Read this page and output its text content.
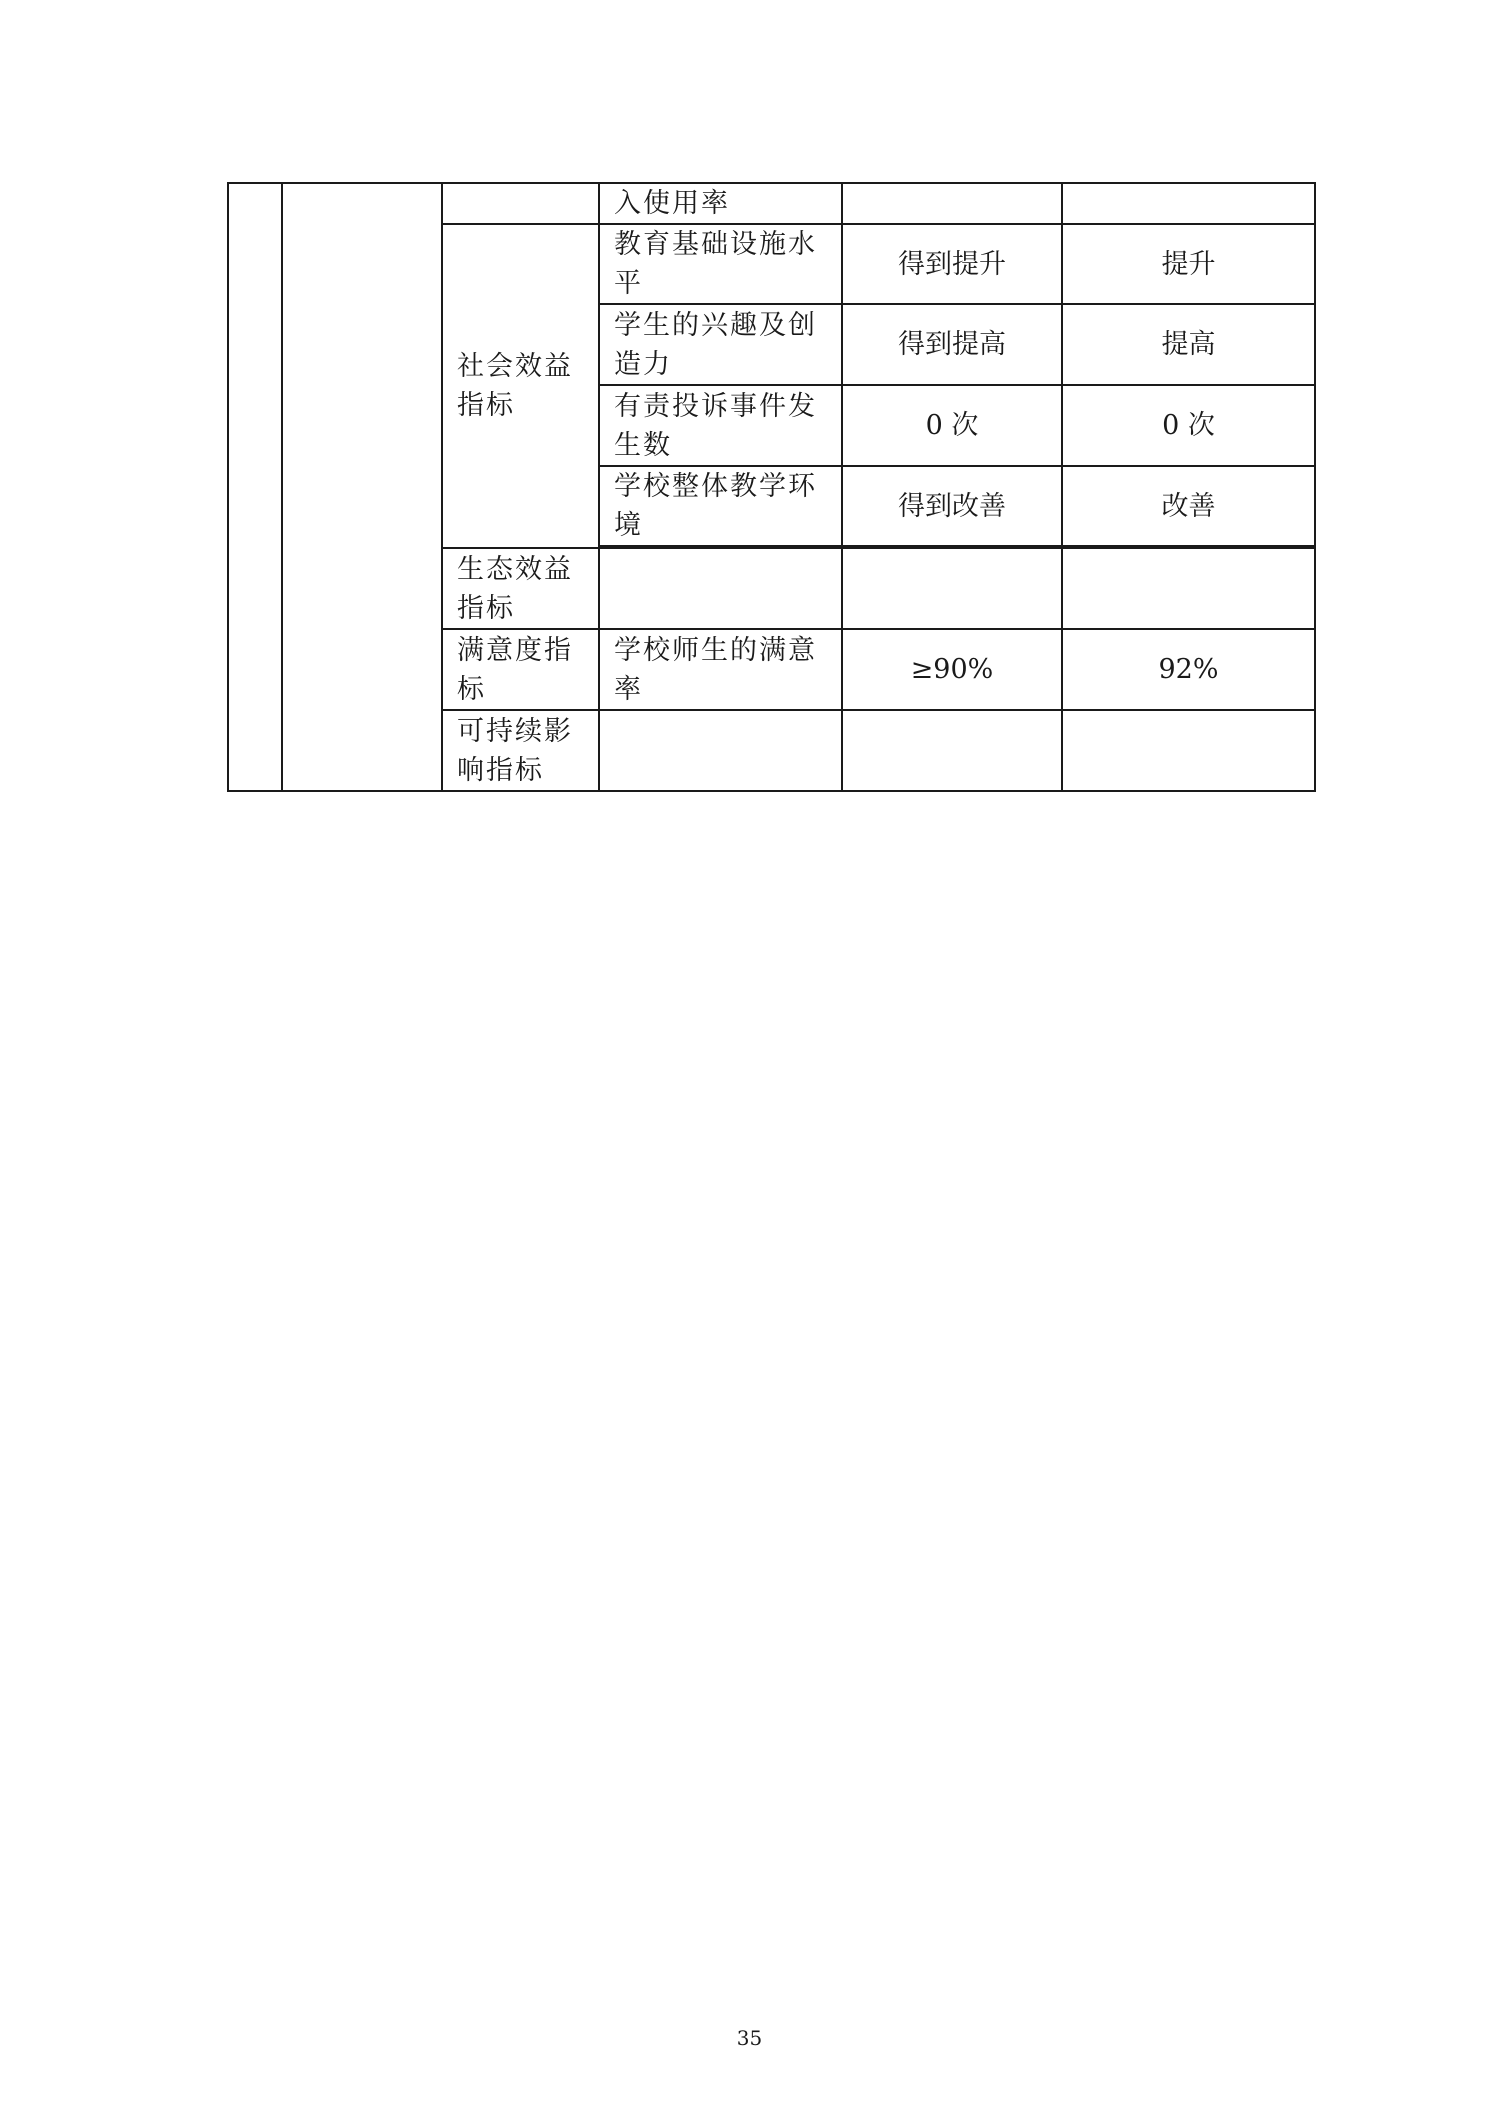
			入使用率		
		社会效益指标	教育基础设施水平	得到提升	提升
			学生的兴趣及创造力	得到提高	提高
			有责投诉事件发生数	0 次	0 次
			学校整体教学环境	得到改善	改善

		生态效益指标			
		满意度指标	学校师生的满意率	≥90%	92%
		可持续影响指标			
35
